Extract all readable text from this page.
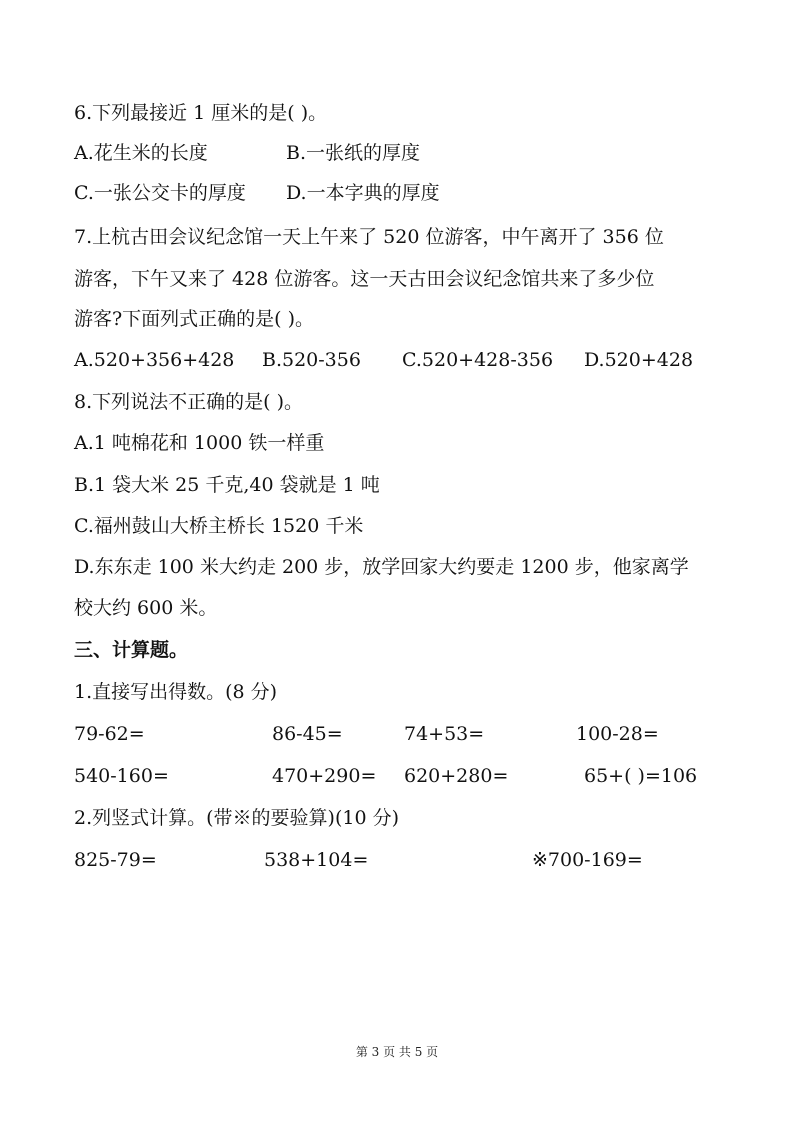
6.下列最接近 1 厘米的是( )。
A.花生米的长度	B.一张纸的厚度
C.一张公交卡的厚度 D.一本字典的厚度
7.上杭古田会议纪念馆一天上午来了 520 位游客，中午离开了 356 位
游客，下午又来了 428 位游客。这一天古田会议纪念馆共来了多少位
游客?下面列式正确的是( )。
A.520+356+428 B.520-356 C.520+428-356 D.520+428
8.下列说法不正确的是( )。
A.1 吨棉花和 1000 铁一样重
B.1 袋大米 25 千克,40 袋就是 1 吨
C.福州鼓山大桥主桥长 1520 千米
D.东东走 100 米大约走 200 步，放学回家大约要走 1200 步，他家离学
校大约 600 米。
三、计算题。
1.直接写出得数。(8 分)
79-62=	86-45=	74+53=	100-28=
540-160=	470+290= 620+280=	65+( )=106
2.列竖式计算。(带※的要验算)(10 分)
825-79=	538+104=	※700-169=
第 3 页 共 5 页
